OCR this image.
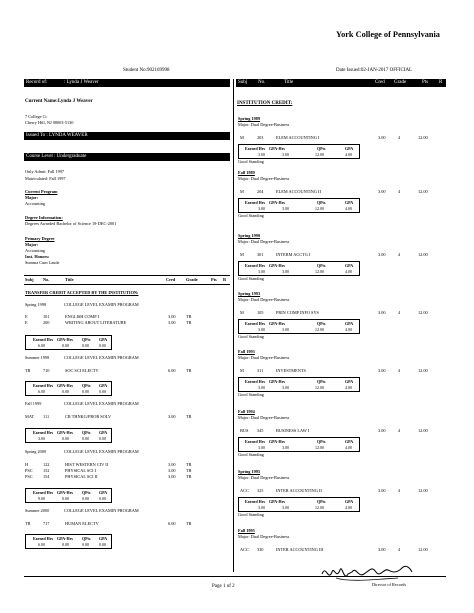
York College of Pennsylvania
Student No:902169998	Date Issued:02-JAN-2017 OFFICIAL
Record of:	: Lynda J Weaver	Subj No.	Title	Cred Grade	Pts R
Current Name:Lynda J Weaver
7 College Ct
Cherry Hill, NJ 08003-5130
Issued To : LYNDA WEAVER
Course Level : Undergraduate
Only Admit: Fall 1997
Matriculated: Fall 1997
Current Program
Major:
Accounting
Degree Information:
Degrees Awarded Bachelor of Science 19-DEC-2001
Primary Degree
Major:
Accounting
Inst. Honors:
Summa Cum Laude
Subj No.	Title	Cred	Grade	Pts R
TRANSFER CREDIT ACCEPTED BY THE INSTITUTION:
Spring 1998	COLLEGE LEVEL EXAMIN PROGRAM
E	101	ENGLISH COMP I	3.00 TR
E	200	WRITING ABOUT LITERATURE	3.00 TR
Earned Hrs GPA-Hrs QPts GPA
6.00	0.00	0.00	0.00
Summer 1998	COLLEGE LEVEL EXAMIN PROGRAM
TR	710	SOC SCI ELECTV	6.00 TR
Earned Hrs GPA-Hrs QPts GPA
6.00	0.00	0.00	0.00
Fall 1999	COLLEGE LEVEL EXAMIN PROGRAM
MAT 111	CR THNKG/PROB SOLV	3.00 TR
Earned Hrs GPA-Hrs QPts GPA
3.00	0.00	0.00	0.00
Spring 2000	COLLEGE LEVEL EXAMIN PROGRAM
H	122	HIST WESTERN CIV II	3.00 TR
PSC 152	PHYSICAL SCI I	3.00 TR
PSC 154	PHYSICAL SCI II	3.00 TR
Earned Hrs GPA-Hrs QPts GPA
9.00	0.00	0.00	0.00
Summer 2000	COLLEGE LEVEL EXAMIN PROGRAM
TR	717	HUMAN ELECTV	6.00 TR
Earned Hrs GPA-Hrs QPts GPA
6.00	0.00	0.00	0.00
INSTITUTION CREDIT:
Spring 1989
Major: Dual Degree-Business
M	203	ELEM ACCOUNTING I	3.00	4	12.00
Earned Hrs GPA-Hrs	QPts	GPA
3.00	3.00	12.00	4.00
Good Standing
Fall 1989
Major: Dual Degree-Business
M	204	ELEM ACCOUNTING II	3.00	4	12.00
Earned Hrs GPA-Hrs	QPts	GPA
3.00	3.00	12.00	4.00
Good Standing
Spring 1990
Major: Dual Degree-Business
M	301	INTERM ACCTG I	3.00	4	12.00
Earned Hrs GPA-Hrs	QPts	GPA
3.00	3.00	12.00	4.00
Good Standing
Spring 1993
Major: Dual Degree-Business
M	105	PRIN COMP INFO SYS	3.00	4	12.00
Earned Hrs GPA-Hrs	QPts	GPA
3.00	3.00	12.00	4.00
Good Standing
Fall 1993
Major: Dual Degree-Business
M	311	INVESTMENTS	3.00	4	12.00
Earned Hrs GPA-Hrs	QPts	GPA
3.00	3.00	12.00	4.00
Good Standing
Fall 1994
Major: Dual Degree-Business
BUS 345	BUSINESS LAW I	3.00	4	12.00
Earned Hrs GPA-Hrs	QPts	GPA
3.00	3.00	12.00	4.00
Good Standing
Spring 1995
Major: Dual Degree-Business
ACC 325	INTER ACCOUNTING II	3.00	4	12.00
Earned Hrs GPA-Hrs	QPts	GPA
3.00	3.00	12.00	4.00
Good Standing
Fall 1995
Major: Dual Degree-Business
ACC 330	INTER ACCOUNTING III	3.00	4	12.00
Page 1 of 2	Director of Records
